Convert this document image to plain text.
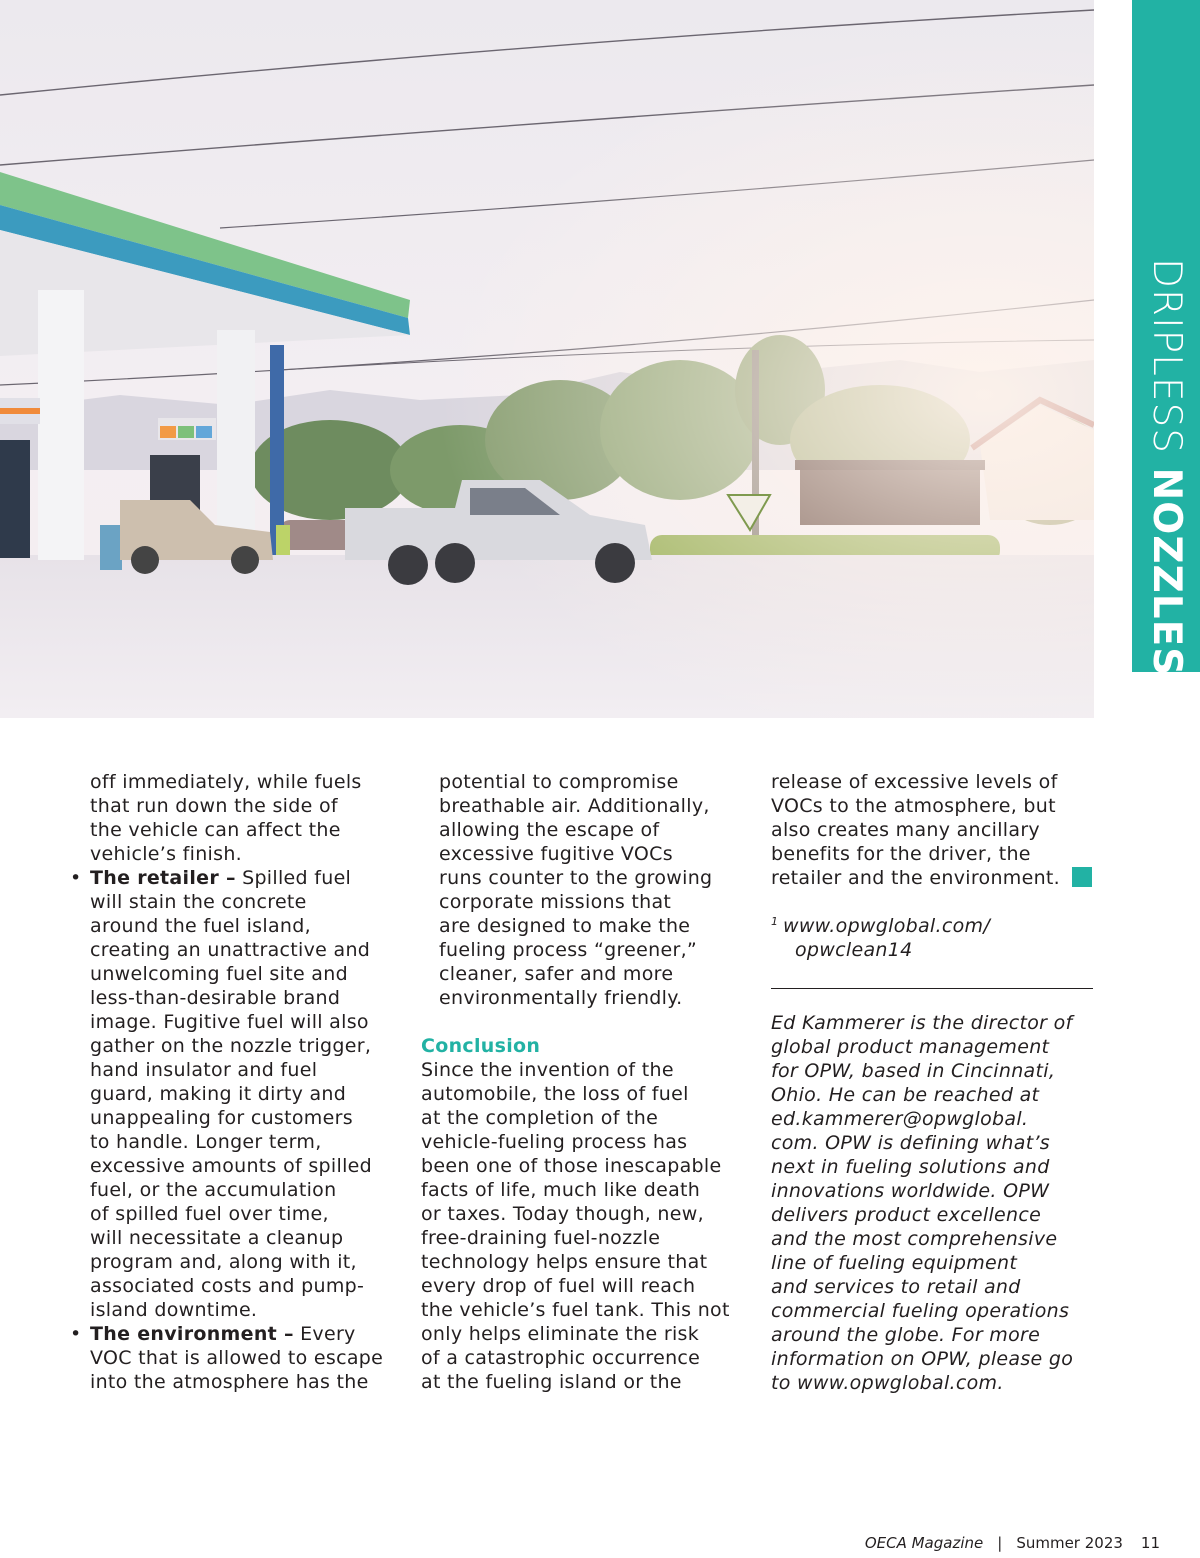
DRIPLESS NOZZLES

off immediately, while fuels
that run down the side of
the vehicle can affect the
vehicle’s finish.

• The retailer – Spilled fuel
will stain the concrete
around the fuel island,
creating an unattractive and
unwelcoming fuel site and
less-than-desirable brand
image. Fugitive fuel will also
gather on the nozzle trigger,
hand insulator and fuel
guard, making it dirty and
unappealing for customers
to handle. Longer term,
excessive amounts of spilled
fuel, or the accumulation
of spilled fuel over time,
will necessitate a cleanup
program and, along with it,
associated costs and pump-
island downtime.

• The environment – Every
VOC that is allowed to escape
into the atmosphere has the

potential to compromise
breathable air. Additionally,
allowing the escape of
excessive fugitive VOCs
runs counter to the growing
corporate missions that
are designed to make the
fueling process “greener,”
cleaner, safer and more
environmentally friendly.

Conclusion

Since the invention of the
automobile, the loss of fuel
at the completion of the
vehicle-fueling process has
been one of those inescapable
facts of life, much like death
or taxes. Today though, new,
free-draining fuel-nozzle
technology helps ensure that
every drop of fuel will reach
the vehicle’s fuel tank. This not
only helps eliminate the risk
of a catastrophic occurrence
at the fueling island or the

release of excessive levels of
VOCs to the atmosphere, but
also creates many ancillary
benefits for the driver, the
retailer and the environment.

1 www.opwglobal.com/
opwclean14

Ed Kammerer is the director of
global product management
for OPW, based in Cincinnati,
Ohio. He can be reached at
ed.kammerer@opwglobal.
com. OPW is defining what’s
next in fueling solutions and
innovations worldwide. OPW
delivers product excellence
and the most comprehensive
line of fueling equipment
and services to retail and
commercial fueling operations
around the globe. For more
information on OPW, please go
to www.opwglobal.com.

OECA Magazine | Summer 2023 11
